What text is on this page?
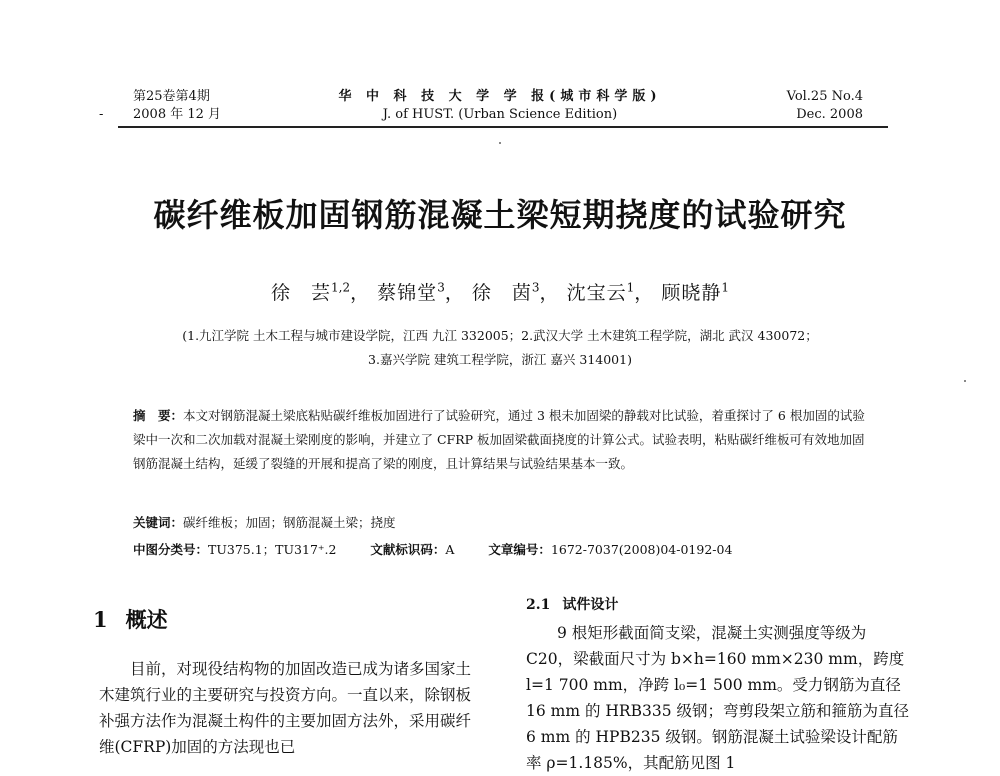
第25卷第4期
2008 年 12 月
-
华 中 科 技 大 学 学 报(城市科学版)
J. of HUST. (Urban Science Edition)
Vol.25 No.4
Dec. 2008
碳纤维板加固钢筋混凝土梁短期挠度的试验研究
徐　芸$^{1,2}$， 蔡锦堂$^3$， 徐　茵$^3$， 沈宝云$^1$， 顾晓静$^1$
(1.九江学院 土木工程与城市建设学院，江西 九江 332005；2.武汉大学 土木建筑工程学院，湖北 武汉 430072；
3.嘉兴学院 建筑工程学院，浙江 嘉兴 314001)
摘　要：本文对钢筋混凝土梁底粘贴碳纤维板加固进行了试验研究，通过 3 根未加固梁的静载对比试验，着重探讨了 6 根加固的试验梁中一次和二次加载对混凝土梁刚度的影响，并建立了 CFRP 板加固梁截面挠度的计算公式。试验表明，粘贴碳纤维板可有效地加固钢筋混凝土结构，延缓了裂缝的开展和提高了梁的刚度，且计算结果与试验结果基本一致。
关键词：碳纤维板；加固；钢筋混凝土梁；挠度
中图分类号：TU375.1；TU317⁺.2	文献标识码：A	文章编号：1672-7037(2008)04-0192-04
1 概述
目前，对现役结构物的加固改造已成为诸多国家土木建筑行业的主要研究与投资方向。一直以来，除钢板补强方法作为混凝土构件的主要加固方法外，采用碳纤维(CFRP)加固的方法现也已
2.1 试件设计
9 根矩形截面简支梁，混凝土实测强度等级为 C20，梁截面尺寸为 b×h=160 mm×230 mm，跨度 l=1 700 mm，净跨 l₀=1 500 mm。受力钢筋为直径 16 mm 的 HRB335 级钢；弯剪段架立筋和箍筋为直径 6 mm 的 HPB235 级钢。钢筋混凝土试验梁设计配筋率 ρ=1.185%，其配筋见图 1
